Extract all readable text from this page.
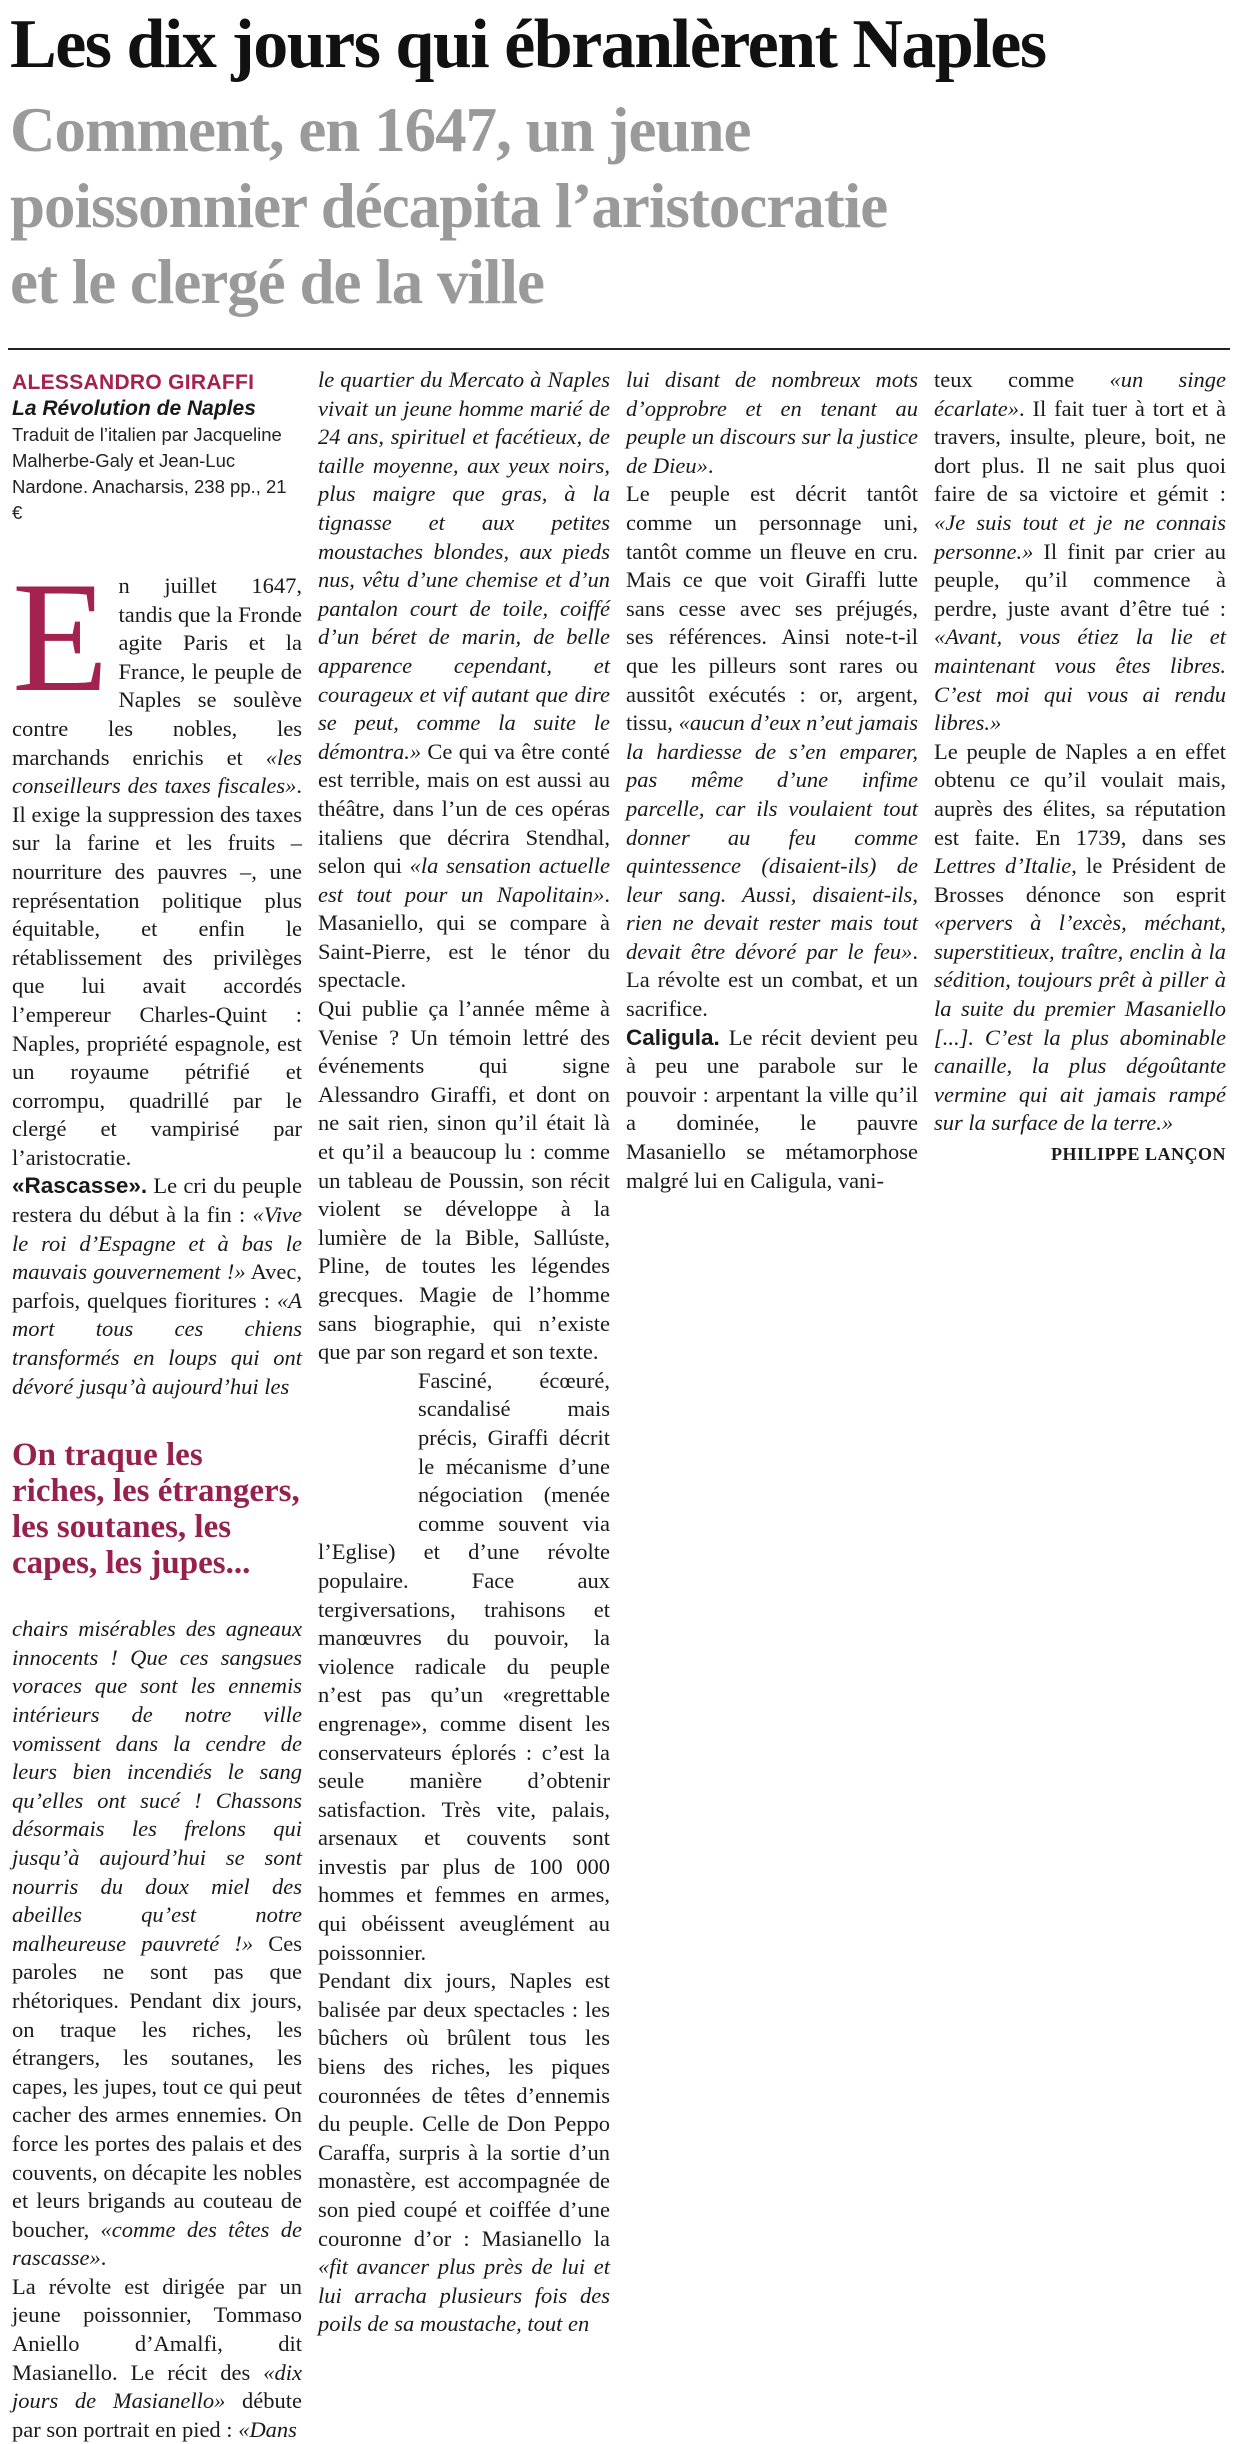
Les dix jours qui ébranlèrent Naples
Comment, en 1647, un jeune
poissonnier décapita l’aristocratie
et le clergé de la ville
ALESSANDRO GIRAFFI
La Révolution de Naples
Traduit de l’italien par Jacqueline Malherbe-Galy et Jean-Luc Nardone. Anacharsis, 238 pp., 21 €
E n juillet 1647, tandis que la Fronde agite Paris et la France, le peuple de Naples se soulève contre les nobles, les marchands enrichis et «les conseilleurs des taxes fiscales». Il exige la suppression des taxes sur la farine et les fruits – nourriture des pauvres –, une représentation politique plus équitable, et enfin le rétablissement des privilèges que lui avait accordés l’empereur Charles-Quint : Naples, propriété espagnole, est un royaume pétrifié et corrompu, quadrillé par le clergé et vampirisé par l’aristocratie.

«Rascasse». Le cri du peuple restera du début à la fin : «Vive le roi d’Espagne et à bas le mauvais gouvernement !» Avec, parfois, quelques fioritures : «A mort tous ces chiens transformés en loups qui ont dévoré jusqu’à aujourd’hui les

On traque les riches, les étrangers, les soutanes, les capes, les jupes...

chairs misérables des agneaux innocents ! Que ces sangsues voraces que sont les ennemis intérieurs de notre ville vomissent dans la cendre de leurs bien incendiés le sang qu’elles ont sucé ! Chassons désormais les frelons qui jusqu’à aujourd’hui se sont nourris du doux miel des abeilles qu’est notre malheureuse pauvreté !» Ces paroles ne sont pas que rhétoriques. Pendant dix jours, on traque les riches, les étrangers, les soutanes, les capes, les jupes, tout ce qui peut cacher des armes ennemies. On force les portes des palais et des couvents, on décapite les nobles et leurs brigands au couteau de boucher, «comme des têtes de rascasse».

La révolte est dirigée par un jeune poissonnier, Tommaso Aniello d’Amalfi, dit Masianello. Le récit des «dix jours de Masianello» débute par son portrait en pied : «Dans

le quartier du Mercato à Naples vivait un jeune homme marié de 24 ans, spirituel et facétieux, de taille moyenne, aux yeux noirs, plus maigre que gras, à la tignasse et aux petites moustaches blondes, aux pieds nus, vêtu d’une chemise et d’un pantalon court de toile, coiffé d’un béret de marin, de belle apparence cependant, et courageux et vif autant que dire se peut, comme la suite le démontra.» Ce qui va être conté est terrible, mais on est aussi au théâtre, dans l’un de ces opéras italiens que décrira Stendhal, selon qui «la sensation actuelle est tout pour un Napolitain». Masaniello, qui se compare à Saint-Pierre, est le ténor du spectacle.

Qui publie ça l’année même à Venise ? Un témoin lettré des événements qui signe Alessandro Giraffi, et dont on ne sait rien, sinon qu’il était là et qu’il a beaucoup lu : comme un tableau de Poussin, son récit violent se développe à la lumière de la Bible, Sallúste, Pline, de toutes les légendes grecques. Magie de l’homme sans biographie, qui n’existe que par son regard et son texte.

Fasciné, écœuré, scandalisé mais précis, Giraffi décrit le mécanisme d’une négociation (menée comme souvent via l’Eglise) et d’une révolte populaire. Face aux tergiversations, trahisons et manœuvres du pouvoir, la violence radicale du peuple n’est pas qu’un «regrettable engrenage», comme disent les conservateurs éplorés : c’est la seule manière d’obtenir satisfaction. Très vite, palais, arsenaux et couvents sont investis par plus de 100 000 hommes et femmes en armes, qui obéissent aveuglément au poissonnier.

Pendant dix jours, Naples est balisée par deux spectacles : les bûchers où brûlent tous les biens des riches, les piques couronnées de têtes d’ennemis du peuple. Celle de Don Peppo Caraffa, surpris à la sortie d’un monastère, est accompagnée de son pied coupé et coiffée d’une couronne d’or : Masianello la «fit avancer plus près de lui et lui arracha plusieurs fois des poils de sa moustache, tout en

lui disant de nombreux mots d’opprobre et en tenant au peuple un discours sur la justice de Dieu».

Le peuple est décrit tantôt comme un personnage uni, tantôt comme un fleuve en cru. Mais ce que voit Giraffi lutte sans cesse avec ses préjugés, ses références. Ainsi note-t-il que les pilleurs sont rares ou aussitôt exécutés : or, argent, tissu, «aucun d’eux n’eut jamais la hardiesse de s’en emparer, pas même d’une infime parcelle, car ils voulaient tout donner au feu comme quintessence (disaient-ils) de leur sang. Aussi, disaient-ils, rien ne devait rester mais tout devait être dévoré par le feu». La révolte est un combat, et un sacrifice.

Caligula. Le récit devient peu à peu une parabole sur le pouvoir : arpentant la ville qu’il a dominée, le pauvre Masaniello se métamorphose malgré lui en Caligula, vani-

teux comme «un singe écarlate». Il fait tuer à tort et à travers, insulte, pleure, boit, ne dort plus. Il ne sait plus quoi faire de sa victoire et gémit : «Je suis tout et je ne connais personne.» Il finit par crier au peuple, qu’il commence à perdre, juste avant d’être tué : «Avant, vous étiez la lie et maintenant vous êtes libres. C’est moi qui vous ai rendu libres.»

Le peuple de Naples a en effet obtenu ce qu’il voulait mais, auprès des élites, sa réputation est faite. En 1739, dans ses Lettres d’Italie, le Président de Brosses dénonce son esprit «pervers à l’excès, méchant, superstitieux, traître, enclin à la sédition, toujours prêt à piller à la suite du premier Masaniello [...]. C’est la plus abominable canaille, la plus dégoûtante vermine qui ait jamais rampé sur la surface de la terre.»

PHILIPPE LANÇON
